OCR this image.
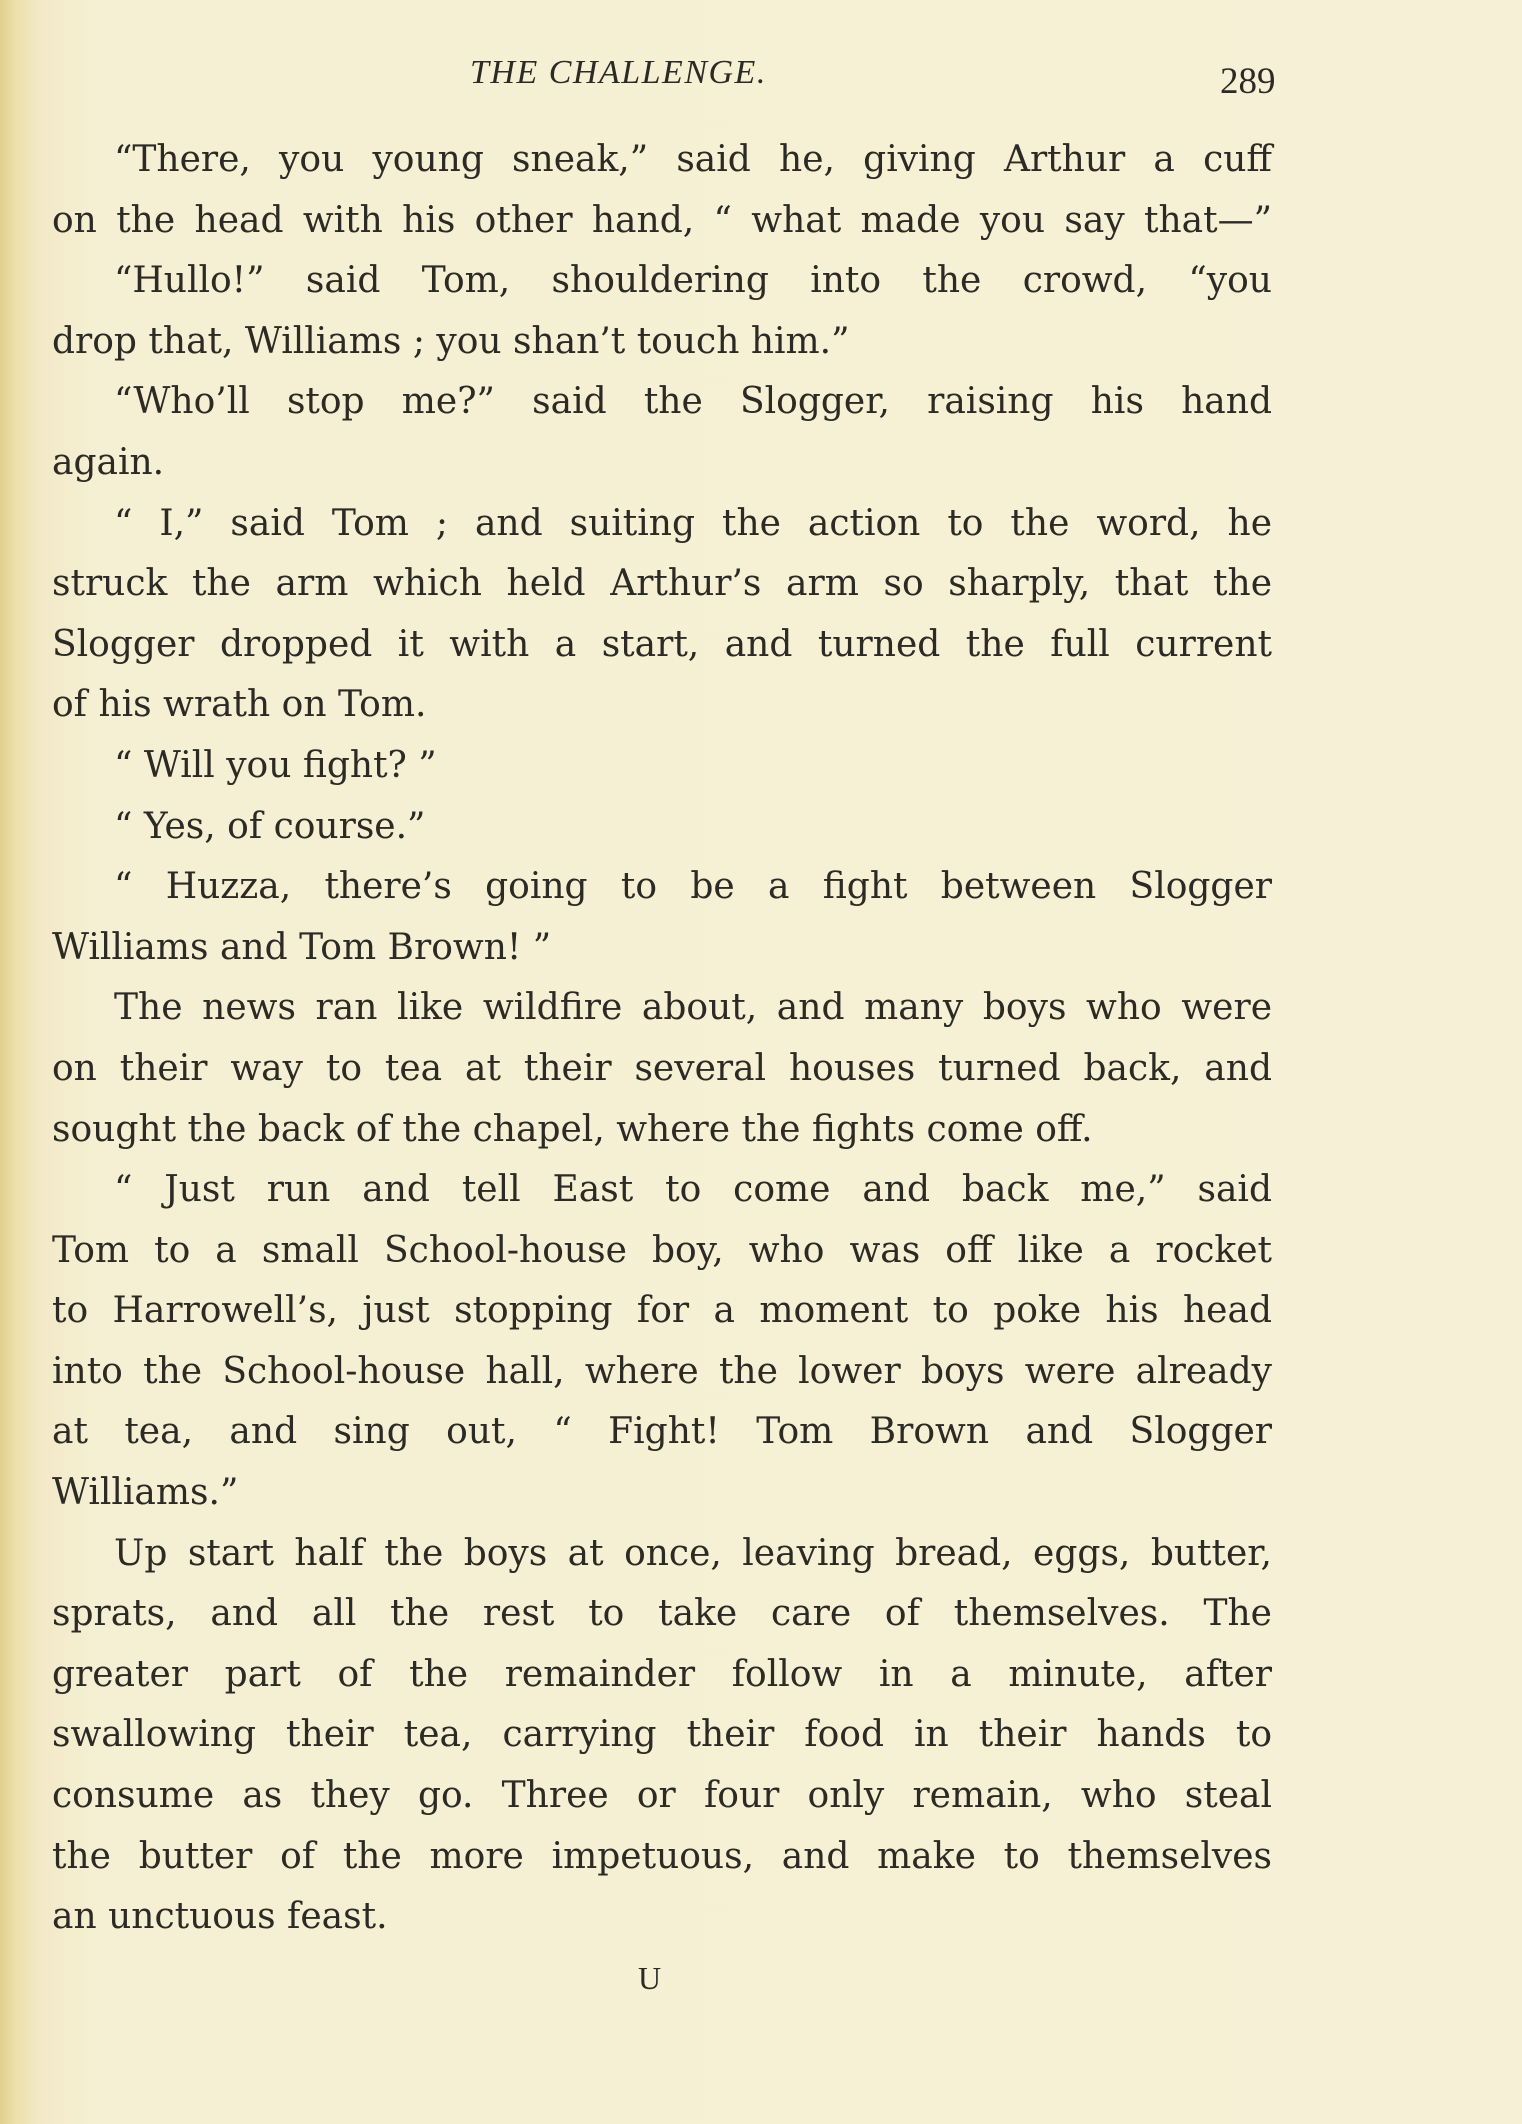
THE CHALLENGE.	289
“There, you young sneak,” said he, giving Arthur a cuff
on the head with his other hand, “ what made you say that—”
“Hullo!” said Tom, shouldering into the crowd, “you
drop that, Williams ; you shan’t touch him.”
“Who’ll stop me?” said the Slogger, raising his hand
again.
“ I,” said Tom ; and suiting the action to the word, he
struck the arm which held Arthur’s arm so sharply, that the
Slogger dropped it with a start, and turned the full current
of his wrath on Tom.
“ Will you fight? ”
“ Yes, of course.”
“ Huzza, there’s going to be a fight between Slogger
Williams and Tom Brown! ”
The news ran like wildfire about, and many boys who were
on their way to tea at their several houses turned back, and
sought the back of the chapel, where the fights come off.
“ Just run and tell East to come and back me,” said
Tom to a small School-house boy, who was off like a rocket
to Harrowell’s, just stopping for a moment to poke his head
into the School-house hall, where the lower boys were already
at tea, and sing out, “ Fight! Tom Brown and Slogger
Williams.”
Up start half the boys at once, leaving bread, eggs, butter,
sprats, and all the rest to take care of themselves. The
greater part of the remainder follow in a minute, after
swallowing their tea, carrying their food in their hands to
consume as they go. Three or four only remain, who steal
the butter of the more impetuous, and make to themselves
an unctuous feast.
U
